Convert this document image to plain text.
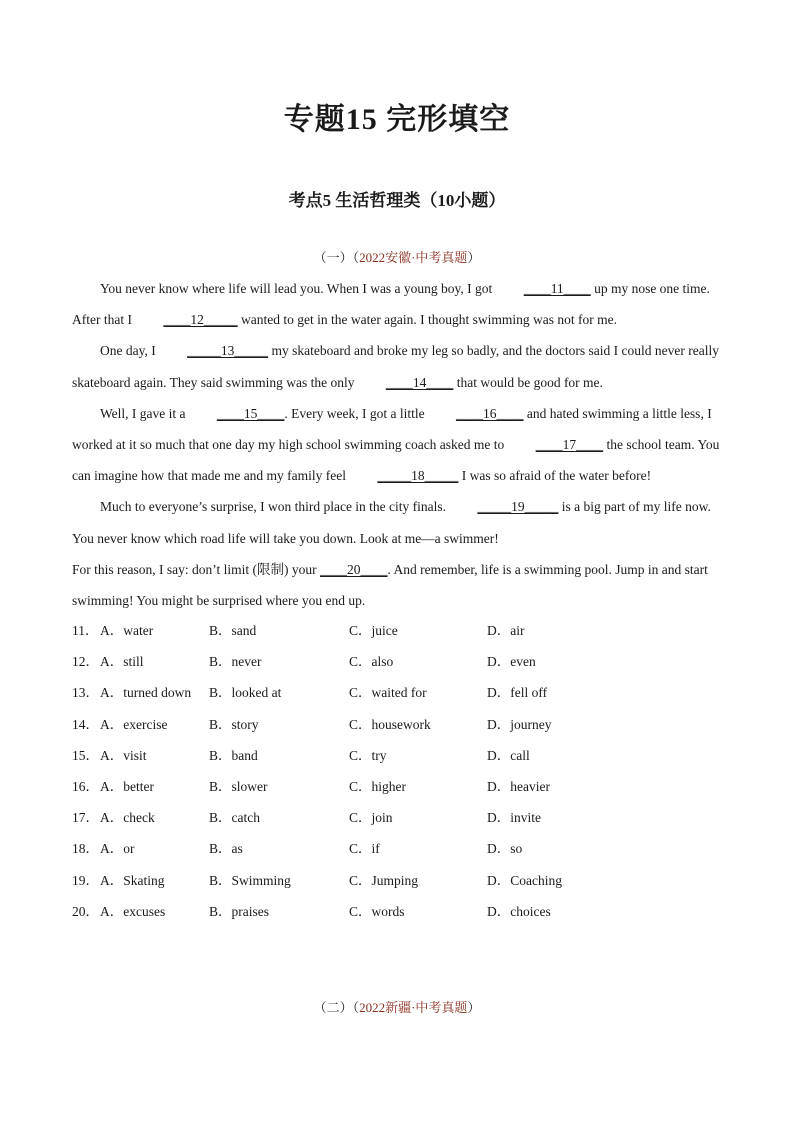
专题15 完形填空
考点5 生活哲理类（10小题）
（一）（2022安徽·中考真题）

You never know where life will lead you. When I was a young boy, I got ____11____ up my nose one time. After that I ____12_____ wanted to get in the water again. I thought swimming was not for me.

One day, I _____13_____ my skateboard and broke my leg so badly, and the doctors said I could never really skateboard again. They said swimming was the only ____14____ that would be good for me.

Well, I gave it a ____15____. Every week, I got a little ____16____ and hated swimming a little less, I worked at it so much that one day my high school swimming coach asked me to ____17____ the school team. You can imagine how that made me and my family feel _____18_____ I was so afraid of the water before!

Much to everyone’s surprise, I won third place in the city finals. _____19_____ is a big part of my life now. You never know which road life will take you down. Look at me—a swimmer!

For this reason, I say: don’t limit (限制) your ____20____. And remember, life is a swimming pool. Jump in and start swimming! You might be surprised where you end up.

11． A．water	B．sand	C．juice	D．air
12． A．still	B．never	C．also	D．even
13． A．turned down B．looked at	C．waited for	D．fell off
14． A．exercise	B．story	C．housework	D．journey
15． A．visit	B．band	C．try	D．call
16． A．better	B．slower	C．higher	D．heavier
17． A．check	B．catch	C．join	D．invite
18． A．or	B．as	C．if	D．so
19． A．Skating	B．Swimming	C．Jumping	D．Coaching
20． A．excuses	B．praises	C．words	D．choices
（二）（2022新疆·中考真题）
